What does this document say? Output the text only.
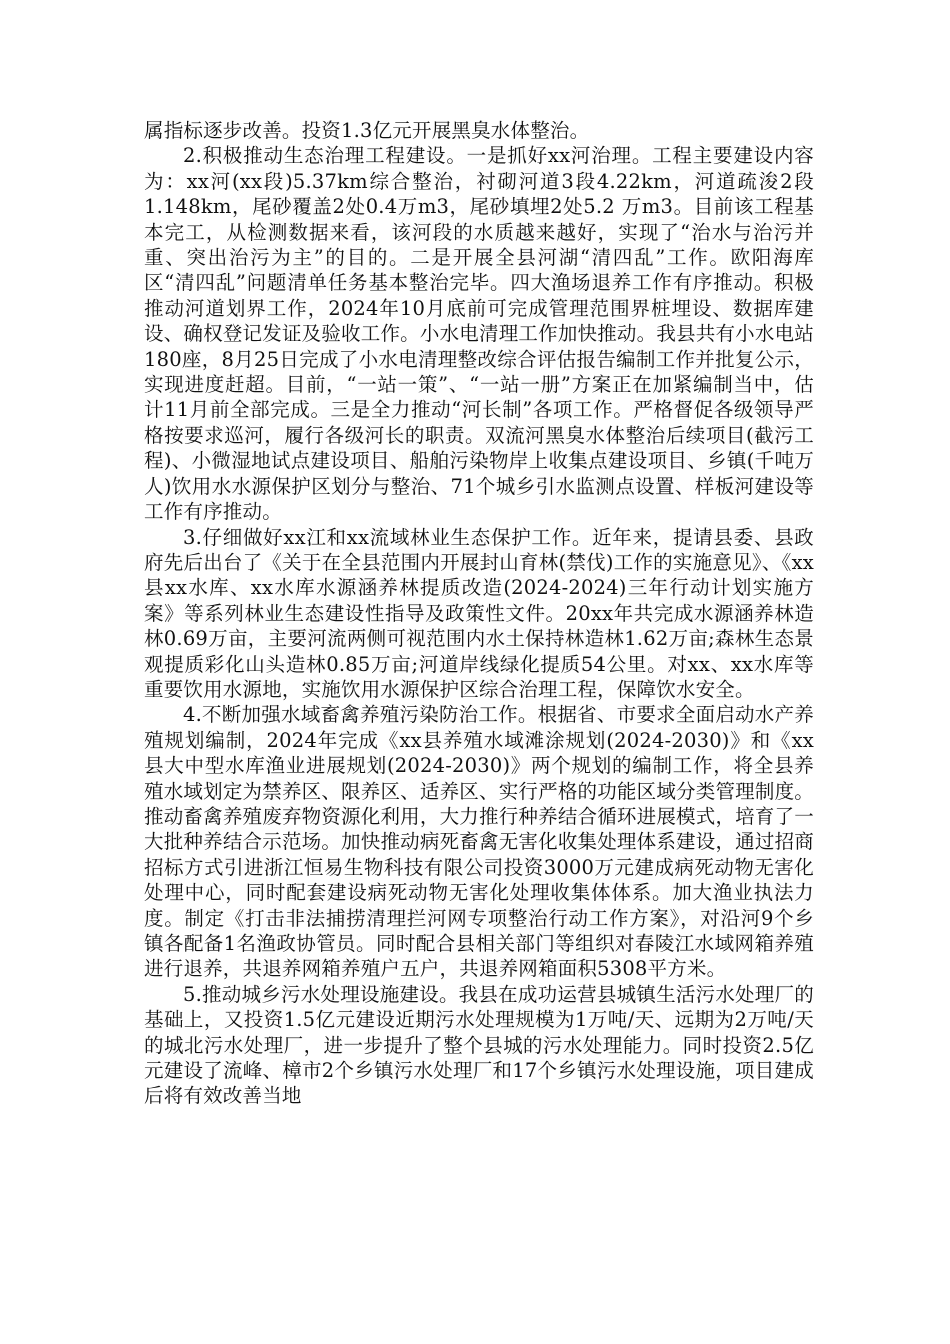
属指标逐步改善。投资1.3亿元开展黑臭水体整治。

2.积极推动生态治理工程建设。一是抓好xx河治理。工程主要建设内容为：xx河(xx段)5.37km综合整治，衬砌河道3段4.22km，河道疏浚2段1.148km，尾砂覆盖2处0.4万m3，尾砂填埋2处5.2 万m3。目前该工程基本完工，从检测数据来看，该河段的水质越来越好，实现了“治水与治污并重、突出治污为主”的目的。二是开展全县河湖“清四乱”工作。欧阳海库区“清四乱”问题清单任务基本整治完毕。四大渔场退养工作有序推动。积极推动河道划界工作，2024年10月底前可完成管理范围界桩埋设、数据库建设、确权登记发证及验收工作。小水电清理工作加快推动。我县共有小水电站180座，8月25日完成了小水电清理整改综合评估报告编制工作并批复公示，实现进度赶超。目前，“一站一策”、“一站一册”方案正在加紧编制当中，估计11月前全部完成。三是全力推动“河长制”各项工作。严格督促各级领导严格按要求巡河，履行各级河长的职责。双流河黑臭水体整治后续项目(截污工程)、小微湿地试点建设项目、船舶污染物岸上收集点建设项目、乡镇(千吨万人)饮用水水源保护区划分与整治、71个城乡引水监测点设置、样板河建设等工作有序推动。

3.仔细做好xx江和xx流域林业生态保护工作。近年来，提请县委、县政府先后出台了《关于在全县范围内开展封山育林(禁伐)工作的实施意见》、《xx县xx水库、xx水库水源涵养林提质改造(2024-2024)三年行动计划实施方案》等系列林业生态建设性指导及政策性文件。20xx年共完成水源涵养林造林0.69万亩，主要河流两侧可视范围内水土保持林造林1.62万亩;森林生态景观提质彩化山头造林0.85万亩;河道岸线绿化提质54公里。对xx、xx水库等重要饮用水源地，实施饮用水源保护区综合治理工程，保障饮水安全。

4.不断加强水域畜禽养殖污染防治工作。根据省、市要求全面启动水产养殖规划编制，2024年完成《xx县养殖水域滩涂规划(2024-2030)》和《xx县大中型水库渔业进展规划(2024-2030)》两个规划的编制工作，将全县养殖水域划定为禁养区、限养区、适养区、实行严格的功能区域分类管理制度。推动畜禽养殖废弃物资源化利用，大力推行种养结合循环进展模式，培育了一大批种养结合示范场。加快推动病死畜禽无害化收集处理体系建设，通过招商招标方式引进浙江恒易生物科技有限公司投资3000万元建成病死动物无害化处理中心，同时配套建设病死动物无害化处理收集体体系。加大渔业执法力度。制定《打击非法捕捞清理拦河网专项整治行动工作方案》，对沿河9个乡镇各配备1名渔政协管员。同时配合县相关部门等组织对春陵江水域网箱养殖进行退养，共退养网箱养殖户五户，共退养网箱面积5308平方米。

5.推动城乡污水处理设施建设。我县在成功运营县城镇生活污水处理厂的基础上，又投资1.5亿元建设近期污水处理规模为1万吨/天、远期为2万吨/天的城北污水处理厂，进一步提升了整个县城的污水处理能力。同时投资2.5亿元建设了流峰、樟市2个乡镇污水处理厂和17个乡镇污水处理设施，项目建成后将有效改善当地
